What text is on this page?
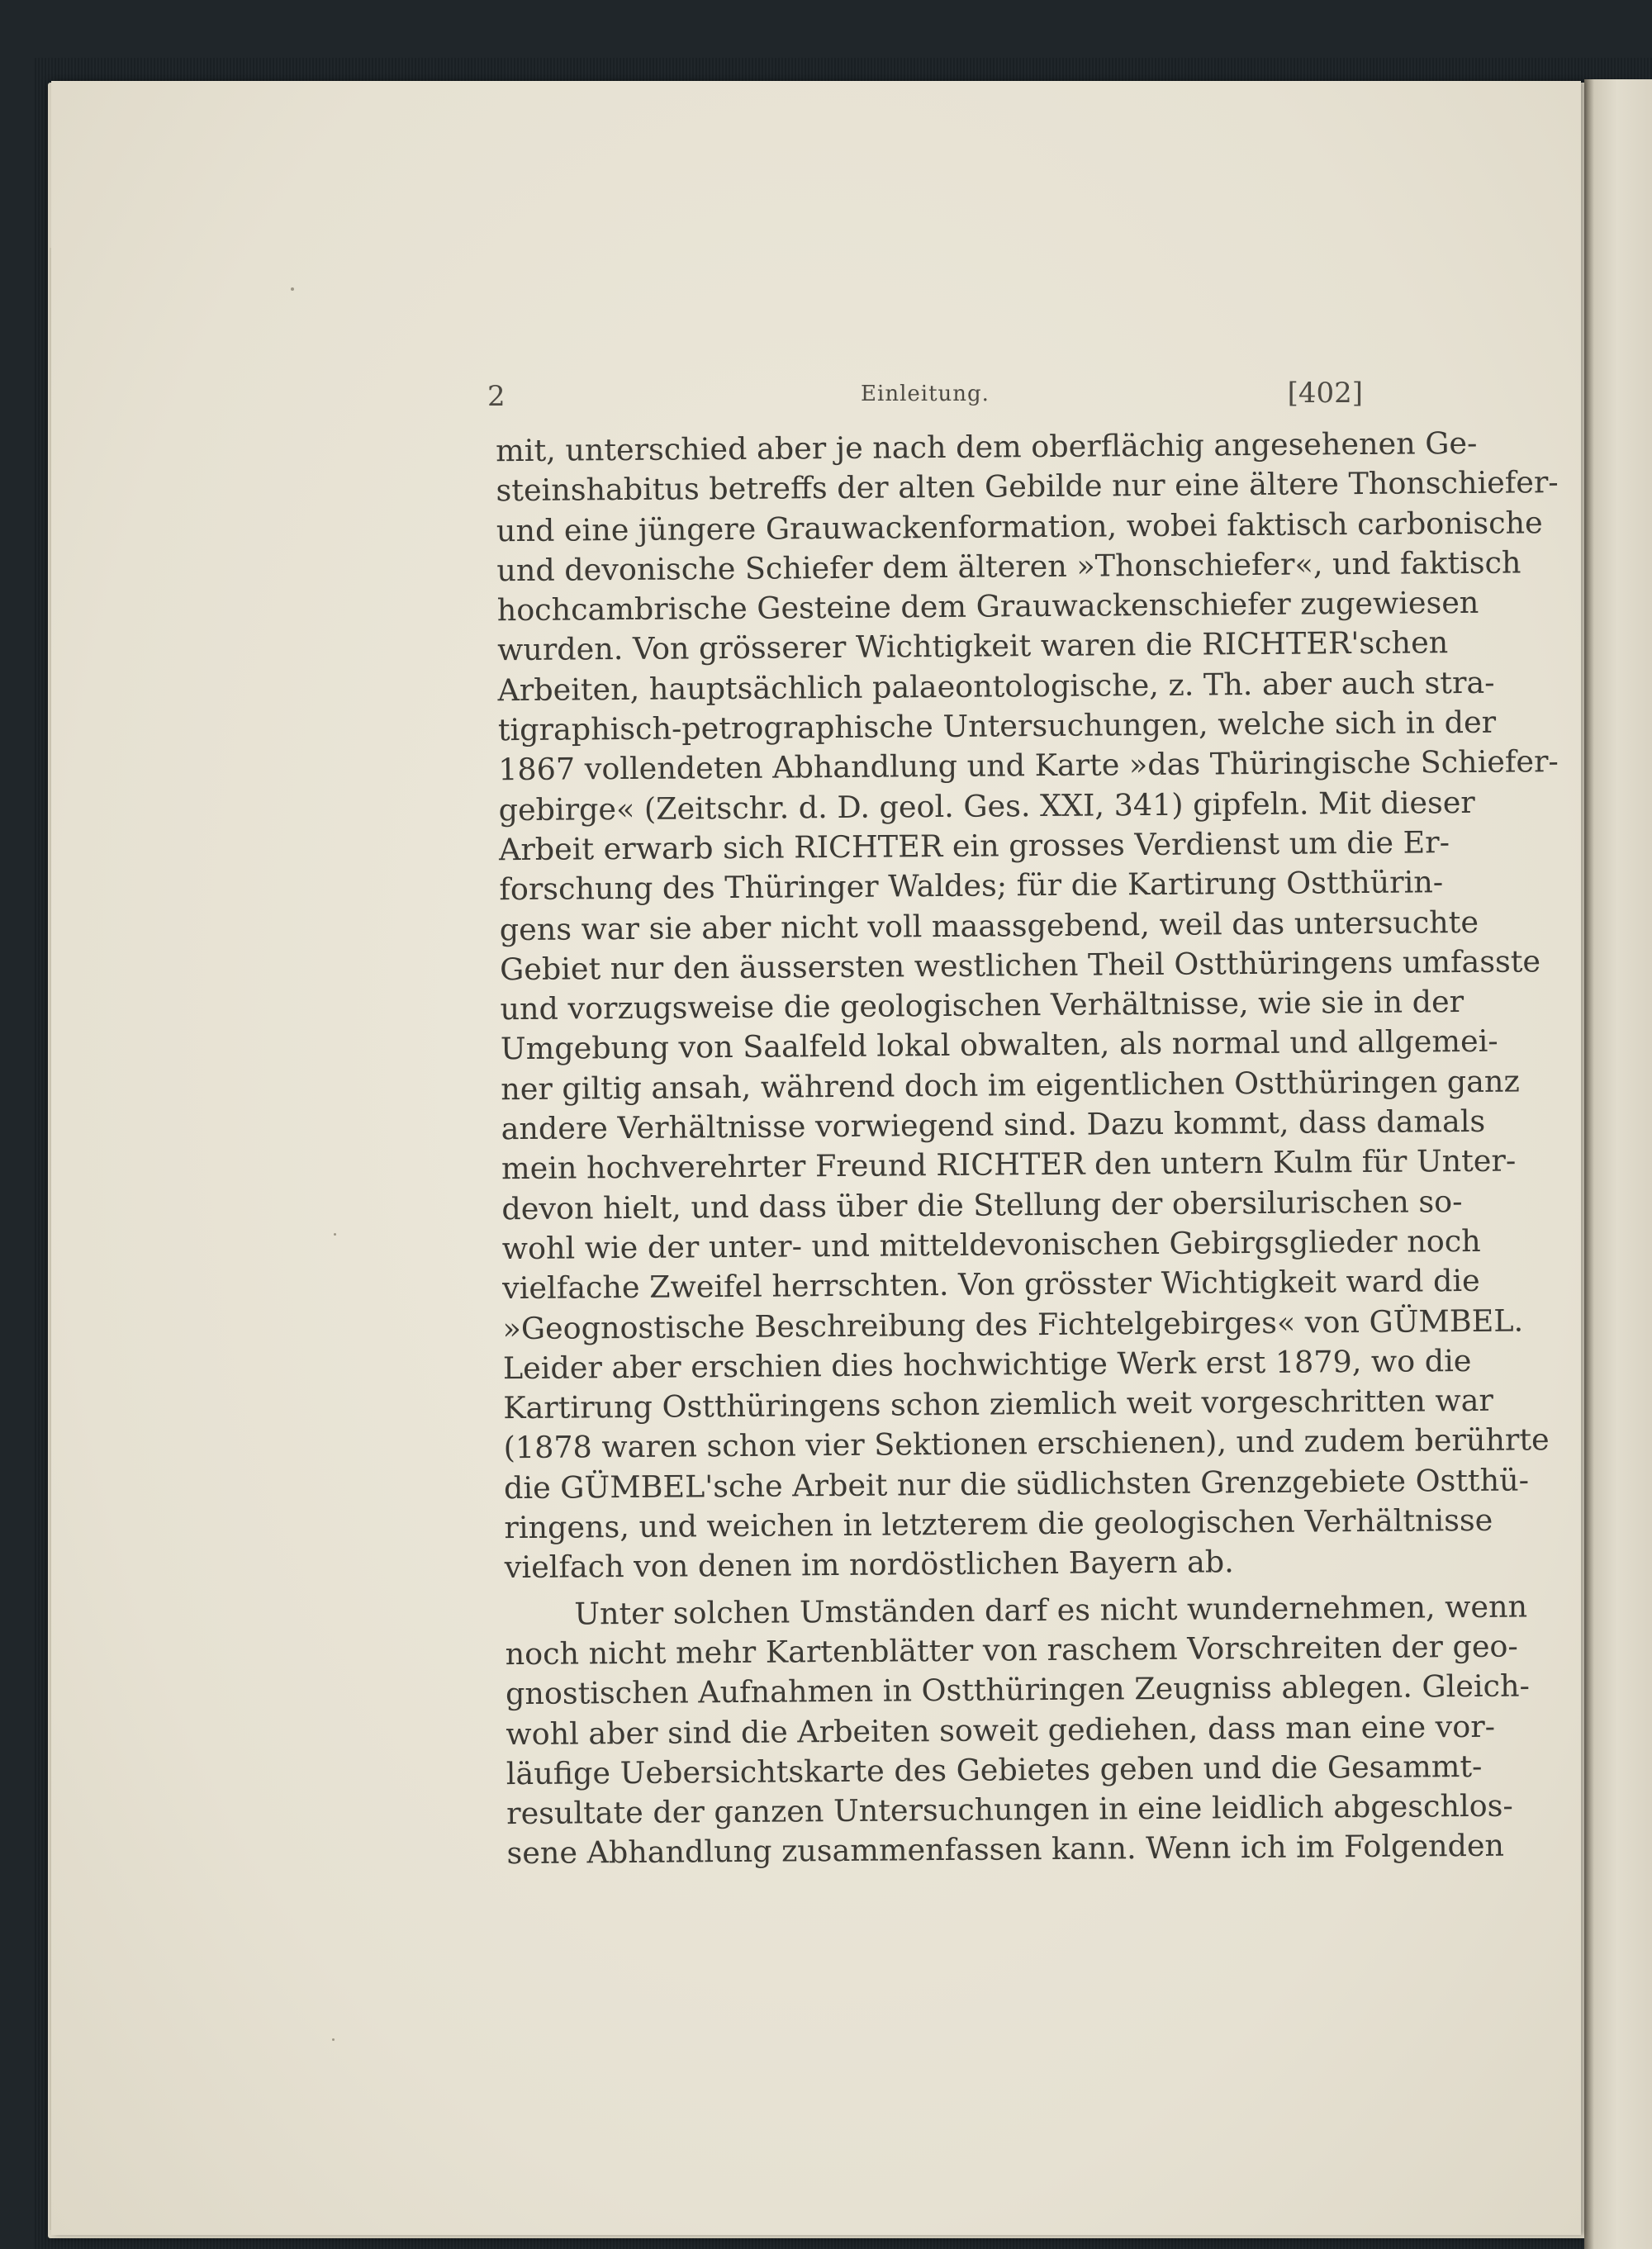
2	Einleitung.	[402]
mit, unterschied aber je nach dem oberflächig angesehenen Ge-
steinshabitus betreffs der alten Gebilde nur eine ältere Thonschiefer-
und eine jüngere Grauwackenformation, wobei faktisch carbonische
und devonische Schiefer dem älteren »Thonschiefer«, und faktisch
hochcambrische Gesteine dem Grauwackenschiefer zugewiesen
wurden. Von grösserer Wichtigkeit waren die RICHTER'schen
Arbeiten, hauptsächlich palaeontologische, z. Th. aber auch stra-
tigraphisch-petrographische Untersuchungen, welche sich in der
1867 vollendeten Abhandlung und Karte »das Thüringische Schiefer-
gebirge« (Zeitschr. d. D. geol. Ges. XXI, 341) gipfeln. Mit dieser
Arbeit erwarb sich RICHTER ein grosses Verdienst um die Er-
forschung des Thüringer Waldes; für die Kartirung Ostthürin-
gens war sie aber nicht voll maassgebend, weil das untersuchte
Gebiet nur den äussersten westlichen Theil Ostthüringens umfasste
und vorzugsweise die geologischen Verhältnisse, wie sie in der
Umgebung von Saalfeld lokal obwalten, als normal und allgemei-
ner giltig ansah, während doch im eigentlichen Ostthüringen ganz
andere Verhältnisse vorwiegend sind. Dazu kommt, dass damals
mein hochverehrter Freund RICHTER den untern Kulm für Unter-
devon hielt, und dass über die Stellung der obersilurischen so-
wohl wie der unter- und mitteldevonischen Gebirgsglieder noch
vielfache Zweifel herrschten. Von grösster Wichtigkeit ward die
»Geognostische Beschreibung des Fichtelgebirges« von GÜMBEL.
Leider aber erschien dies hochwichtige Werk erst 1879, wo die
Kartirung Ostthüringens schon ziemlich weit vorgeschritten war
(1878 waren schon vier Sektionen erschienen), und zudem berührte
die GÜMBEL'sche Arbeit nur die südlichsten Grenzgebiete Ostthü-
ringens, und weichen in letzterem die geologischen Verhältnisse
vielfach von denen im nordöstlichen Bayern ab.
Unter solchen Umständen darf es nicht wundernehmen, wenn
noch nicht mehr Kartenblätter von raschem Vorschreiten der geo-
gnostischen Aufnahmen in Ostthüringen Zeugniss ablegen. Gleich-
wohl aber sind die Arbeiten soweit gediehen, dass man eine vor-
läufige Uebersichtskarte des Gebietes geben und die Gesammt-
resultate der ganzen Untersuchungen in eine leidlich abgeschlos-
sene Abhandlung zusammenfassen kann. Wenn ich im Folgenden
